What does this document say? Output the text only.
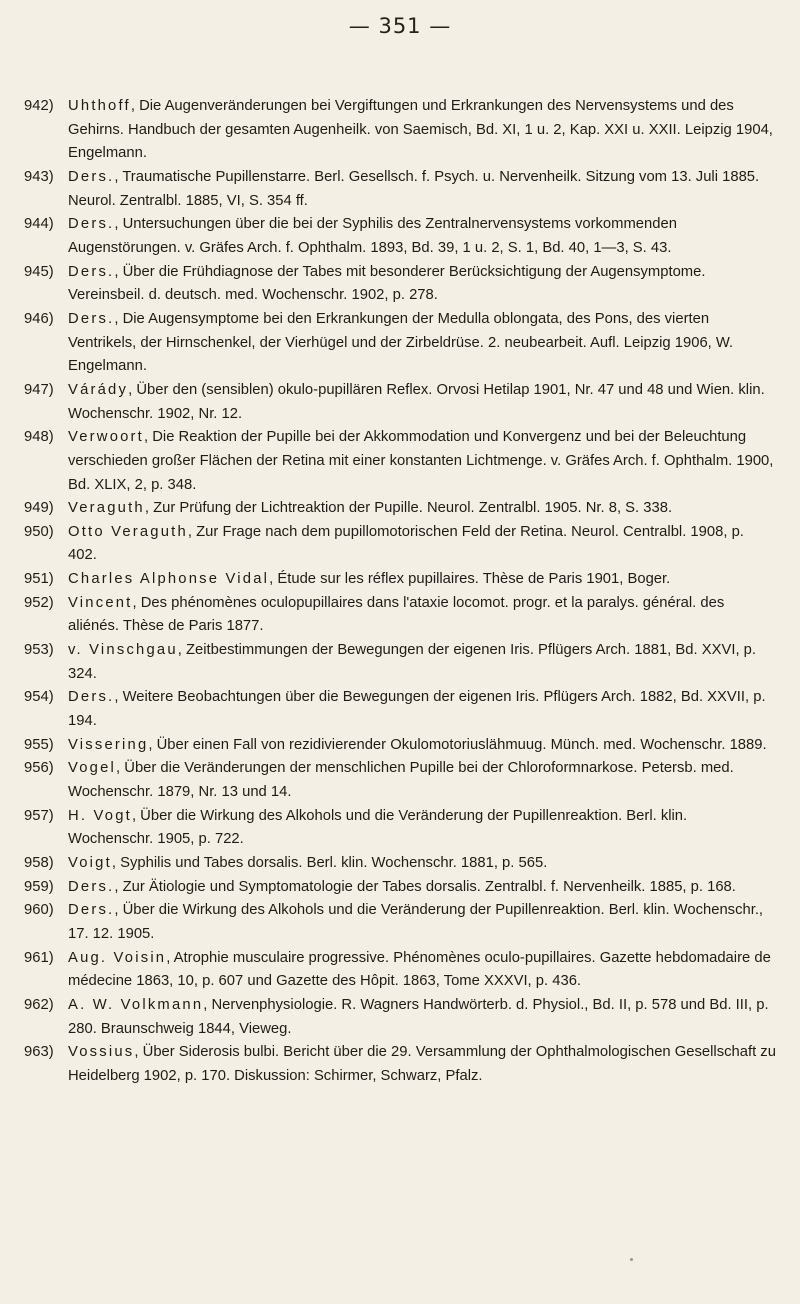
— 351 —

942) Uhthoff, Die Augenveränderungen bei Vergiftungen und Erkrankungen des Nervensystems und des Gehirns. Handbuch der gesamten Augenheilk. von Saemisch, Bd. XI, 1 u. 2, Kap. XXI u. XXII. Leipzig 1904, Engelmann.

943) Ders., Traumatische Pupillenstarre. Berl. Gesellsch. f. Psych. u. Nervenheilk. Sitzung vom 13. Juli 1885. Neurol. Zentralbl. 1885, VI, S. 354 ff.

944) Ders., Untersuchungen über die bei der Syphilis des Zentralnervensystems vorkommenden Augenstörungen. v. Gräfes Arch. f. Ophthalm. 1893, Bd. 39, 1 u. 2, S. 1, Bd. 40, 1—3, S. 43.

945) Ders., Über die Frühdiagnose der Tabes mit besonderer Berücksichtigung der Augensymptome. Vereinsbeil. d. deutsch. med. Wochenschr. 1902, p. 278.

946) Ders., Die Augensymptome bei den Erkrankungen der Medulla oblongata, des Pons, des vierten Ventrikels, der Hirnschenkel, der Vierhügel und der Zirbeldrüse. 2. neubearbeit. Aufl. Leipzig 1906, W. Engelmann.

947) Várády, Über den (sensiblen) okulo-pupillären Reflex. Orvosi Hetilap 1901, Nr. 47 und 48 und Wien. klin. Wochenschr. 1902, Nr. 12.

948) Verwoort, Die Reaktion der Pupille bei der Akkommodation und Konvergenz und bei der Beleuchtung verschieden großer Flächen der Retina mit einer konstanten Lichtmenge. v. Gräfes Arch. f. Ophthalm. 1900, Bd. XLIX, 2, p. 348.

949) Veraguth, Zur Prüfung der Lichtreaktion der Pupille. Neurol. Zentralbl. 1905. Nr. 8, S. 338.

950) Otto Veraguth, Zur Frage nach dem pupillomotorischen Feld der Retina. Neurol. Centralbl. 1908, p. 402.

951) Charles Alphonse Vidal, Étude sur les réflex pupillaires. Thèse de Paris 1901, Boger.

952) Vincent, Des phénomènes oculopupillaires dans l'ataxie locomot. progr. et la paralys. général. des aliénés. Thèse de Paris 1877.

953) v. Vinschgau, Zeitbestimmungen der Bewegungen der eigenen Iris. Pflügers Arch. 1881, Bd. XXVI, p. 324.

954) Ders., Weitere Beobachtungen über die Bewegungen der eigenen Iris. Pflügers Arch. 1882, Bd. XXVII, p. 194.

955) Vissering, Über einen Fall von rezidivierender Okulomotoriuslähmuug. Münch. med. Wochenschr. 1889.

956) Vogel, Über die Veränderungen der menschlichen Pupille bei der Chloroformnarkose. Petersb. med. Wochenschr. 1879, Nr. 13 und 14.

957) H. Vogt, Über die Wirkung des Alkohols und die Veränderung der Pupillenreaktion. Berl. klin. Wochenschr. 1905, p. 722.

958) Voigt, Syphilis und Tabes dorsalis. Berl. klin. Wochenschr. 1881, p. 565.

959) Ders., Zur Ätiologie und Symptomatologie der Tabes dorsalis. Zentralbl. f. Nervenheilk. 1885, p. 168.

960) Ders., Über die Wirkung des Alkohols und die Veränderung der Pupillenreaktion. Berl. klin. Wochenschr., 17. 12. 1905.

961) Aug. Voisin, Atrophie musculaire progressive. Phénomènes oculo-pupillaires. Gazette hebdomadaire de médecine 1863, 10, p. 607 und Gazette des Hôpit. 1863, Tome XXXVI, p. 436.

962) A. W. Volkmann, Nervenphysiologie. R. Wagners Handwörterb. d. Physiol., Bd. II, p. 578 und Bd. III, p. 280. Braunschweig 1844, Vieweg.

963) Vossius, Über Siderosis bulbi. Bericht über die 29. Versammlung der Ophthalmologischen Gesellschaft zu Heidelberg 1902, p. 170. Diskussion: Schirmer, Schwarz, Pfalz.
